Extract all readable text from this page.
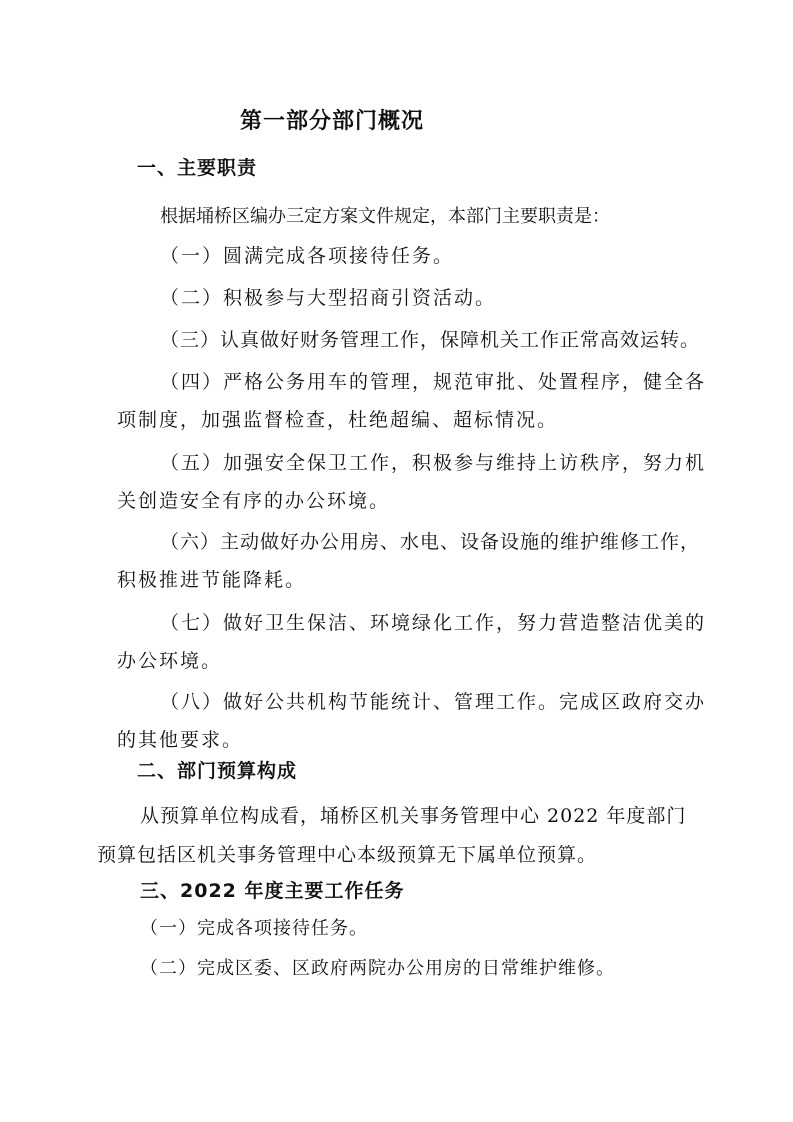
第一部分部门概况
一、主要职责
根据埇桥区编办三定方案文件规定，本部门主要职责是：
（一）圆满完成各项接待任务。
（二）积极参与大型招商引资活动。
（三）认真做好财务管理工作，保障机关工作正常高效运转。
（四）严格公务用车的管理，规范审批、处置程序，健全各
项制度，加强监督检查，杜绝超编、超标情况。
（五）加强安全保卫工作，积极参与维持上访秩序，努力机
关创造安全有序的办公环境。
（六）主动做好办公用房、水电、设备设施的维护维修工作，
积极推进节能降耗。
（七）做好卫生保洁、环境绿化工作，努力营造整洁优美的
办公环境。
（八）做好公共机构节能统计、管理工作。完成区政府交办
的其他要求。
二、部门预算构成
从预算单位构成看，埇桥区机关事务管理中心 2022 年度部门
预算包括区机关事务管理中心本级预算无下属单位预算。
三、2022 年度主要工作任务
（一）完成各项接待任务。
（二）完成区委、区政府两院办公用房的日常维护维修。
